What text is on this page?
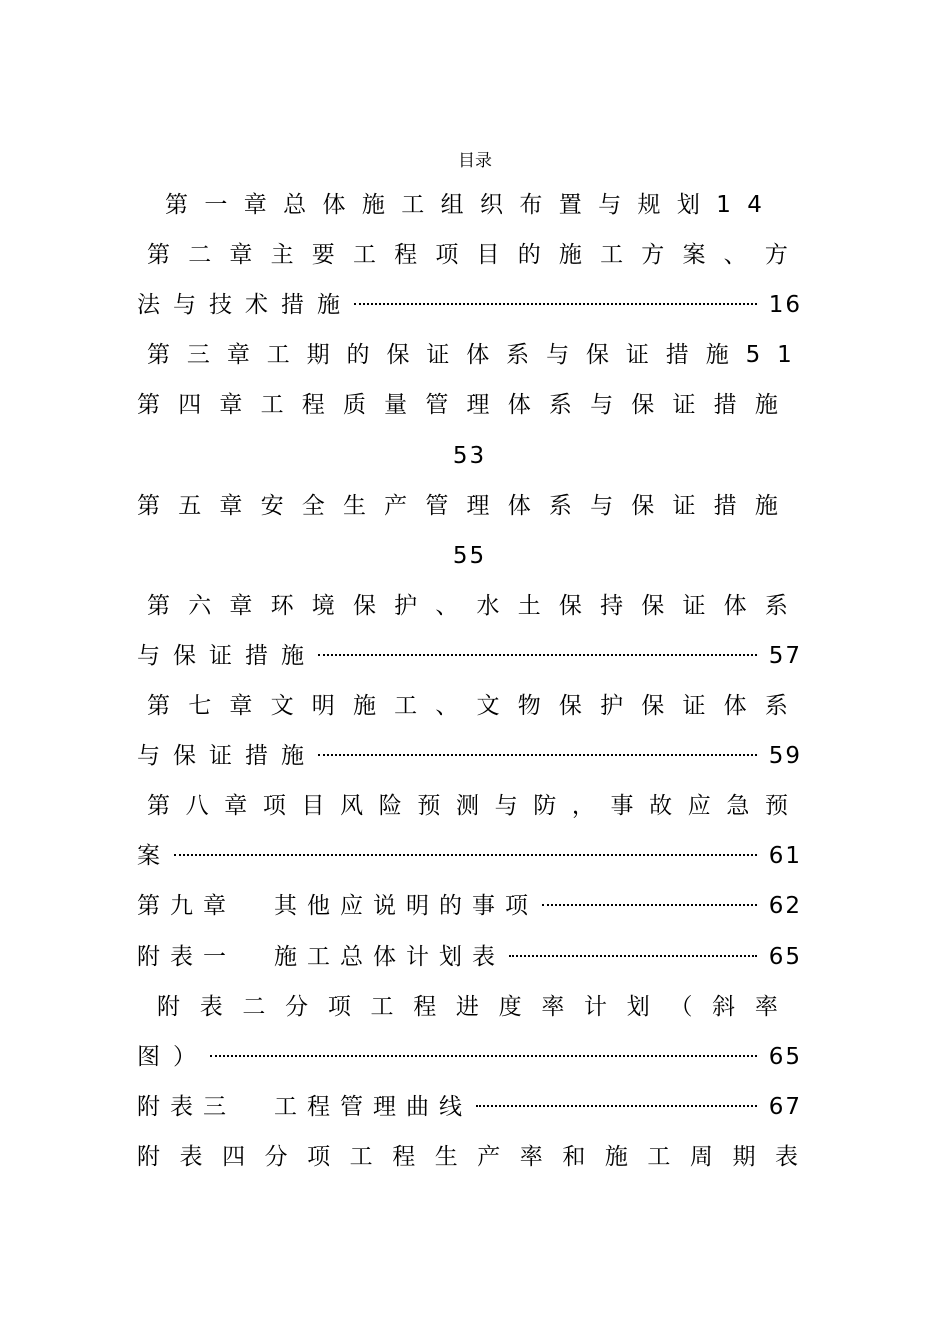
目录
第 一 章 总 体 施 工 组 织 布 置 与 规 划 1 4
第 二 章 主 要 工 程 项 目 的 施 工 方 案 、 方
法 与 技 术 措 施	16
第 三 章 工 期 的 保 证 体 系 与 保 证 措 施 5 1
第 四 章 工 程 质 量 管 理 体 系 与 保 证 措 施
53
第 五 章 安 全 生 产 管 理 体 系 与 保 证 措 施
55
第 六 章 环 境 保 护 、 水 土 保 持 保 证 体 系
与 保 证 措 施	57
第 七 章 文 明 施 工 、 文 物 保 护 保 证 体 系
与 保 证 措 施	59
第 八 章 项 目 风 险 预 测 与 防 ， 事 故 应 急 预
案	61
第 九 章 其 他 应 说 明 的 事 项	62
附 表 一 施 工 总 体 计 划 表	65
附 表 二 分 项 工 程 进 度 率 计 划 （ 斜 率
图 ）	65
附 表 三 工 程 管 理 曲 线	67
附 表 四 分 项 工 程 生 产 率 和 施 工 周 期 表
